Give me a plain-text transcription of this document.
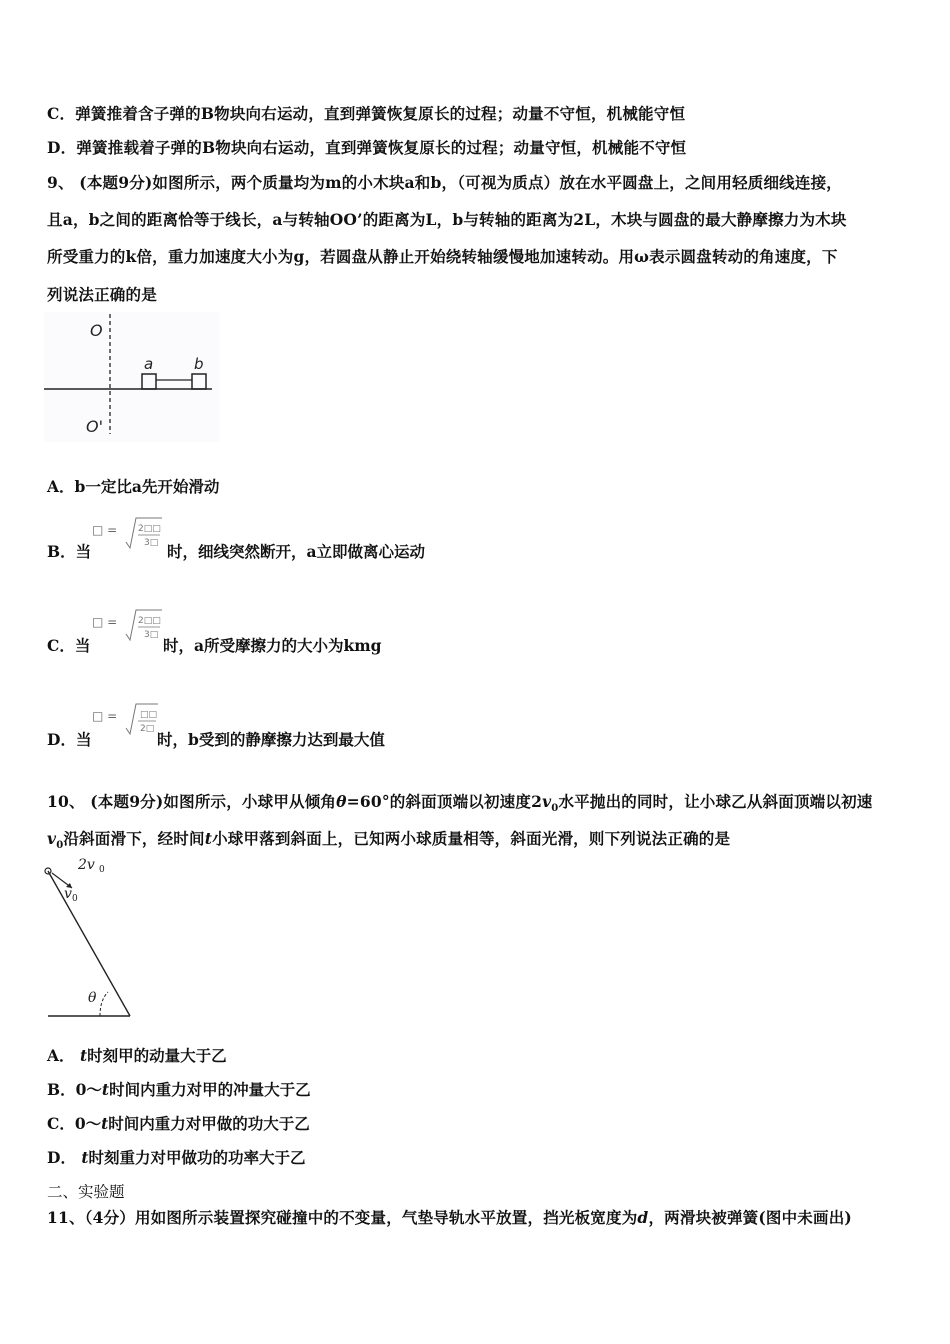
C．弹簧推着含子弹的B物块向右运动，直到弹簧恢复原长的过程；动量不守恒，机械能守恒
D．弹簧推载着子弹的B物块向右运动，直到弹簧恢复原长的过程；动量守恒，机械能不守恒
9、 (本题9分)如图所示，两个质量均为m的小木块a和b，（可视为质点）放在水平圆盘上，之间用轻质细线连接，
且a，b之间的距离恰等于线长，a与转轴OO’的距离为L，b与转轴的距离为2L，木块与圆盘的最大静摩擦力为木块
所受重力的k倍，重力加速度大小为g，若圆盘从静止开始绕转轴缓慢地加速转动。用ω表示圆盘转动的角速度，下
列说法正确的是
O
O'
a	b
A．b一定比a先开始滑动
B．当
□ = 2□□
3□ 时，细线突然断开，a立即做离心运动
C．当
□ = 2□□
3□
时，a所受摩擦力的大小为kmg
D．当
□ =	□□
2□
时，b受到的静摩擦力达到最大值
10、 (本题9分)如图所示，小球甲从倾角θ=60°的斜面顶端以初速度$2v_0$水平抛出的同时，让小球乙从斜面顶端以初速
$v_0$沿斜面滑下，经时间t小球甲落到斜面上，已知两小球质量相等，斜面光滑，则下列说法正确的是
2v 0
v 0
θ
A． t时刻甲的动量大于乙
B．0～t时间内重力对甲的冲量大于乙
C．0～t时间内重力对甲做的功大于乙
D． t时刻重力对甲做功的功率大于乙
二、实验题
11、（4分）用如图所示装置探究碰撞中的不变量，气垫导轨水平放置，挡光板宽度为d，两滑块被弹簧(图中未画出)
